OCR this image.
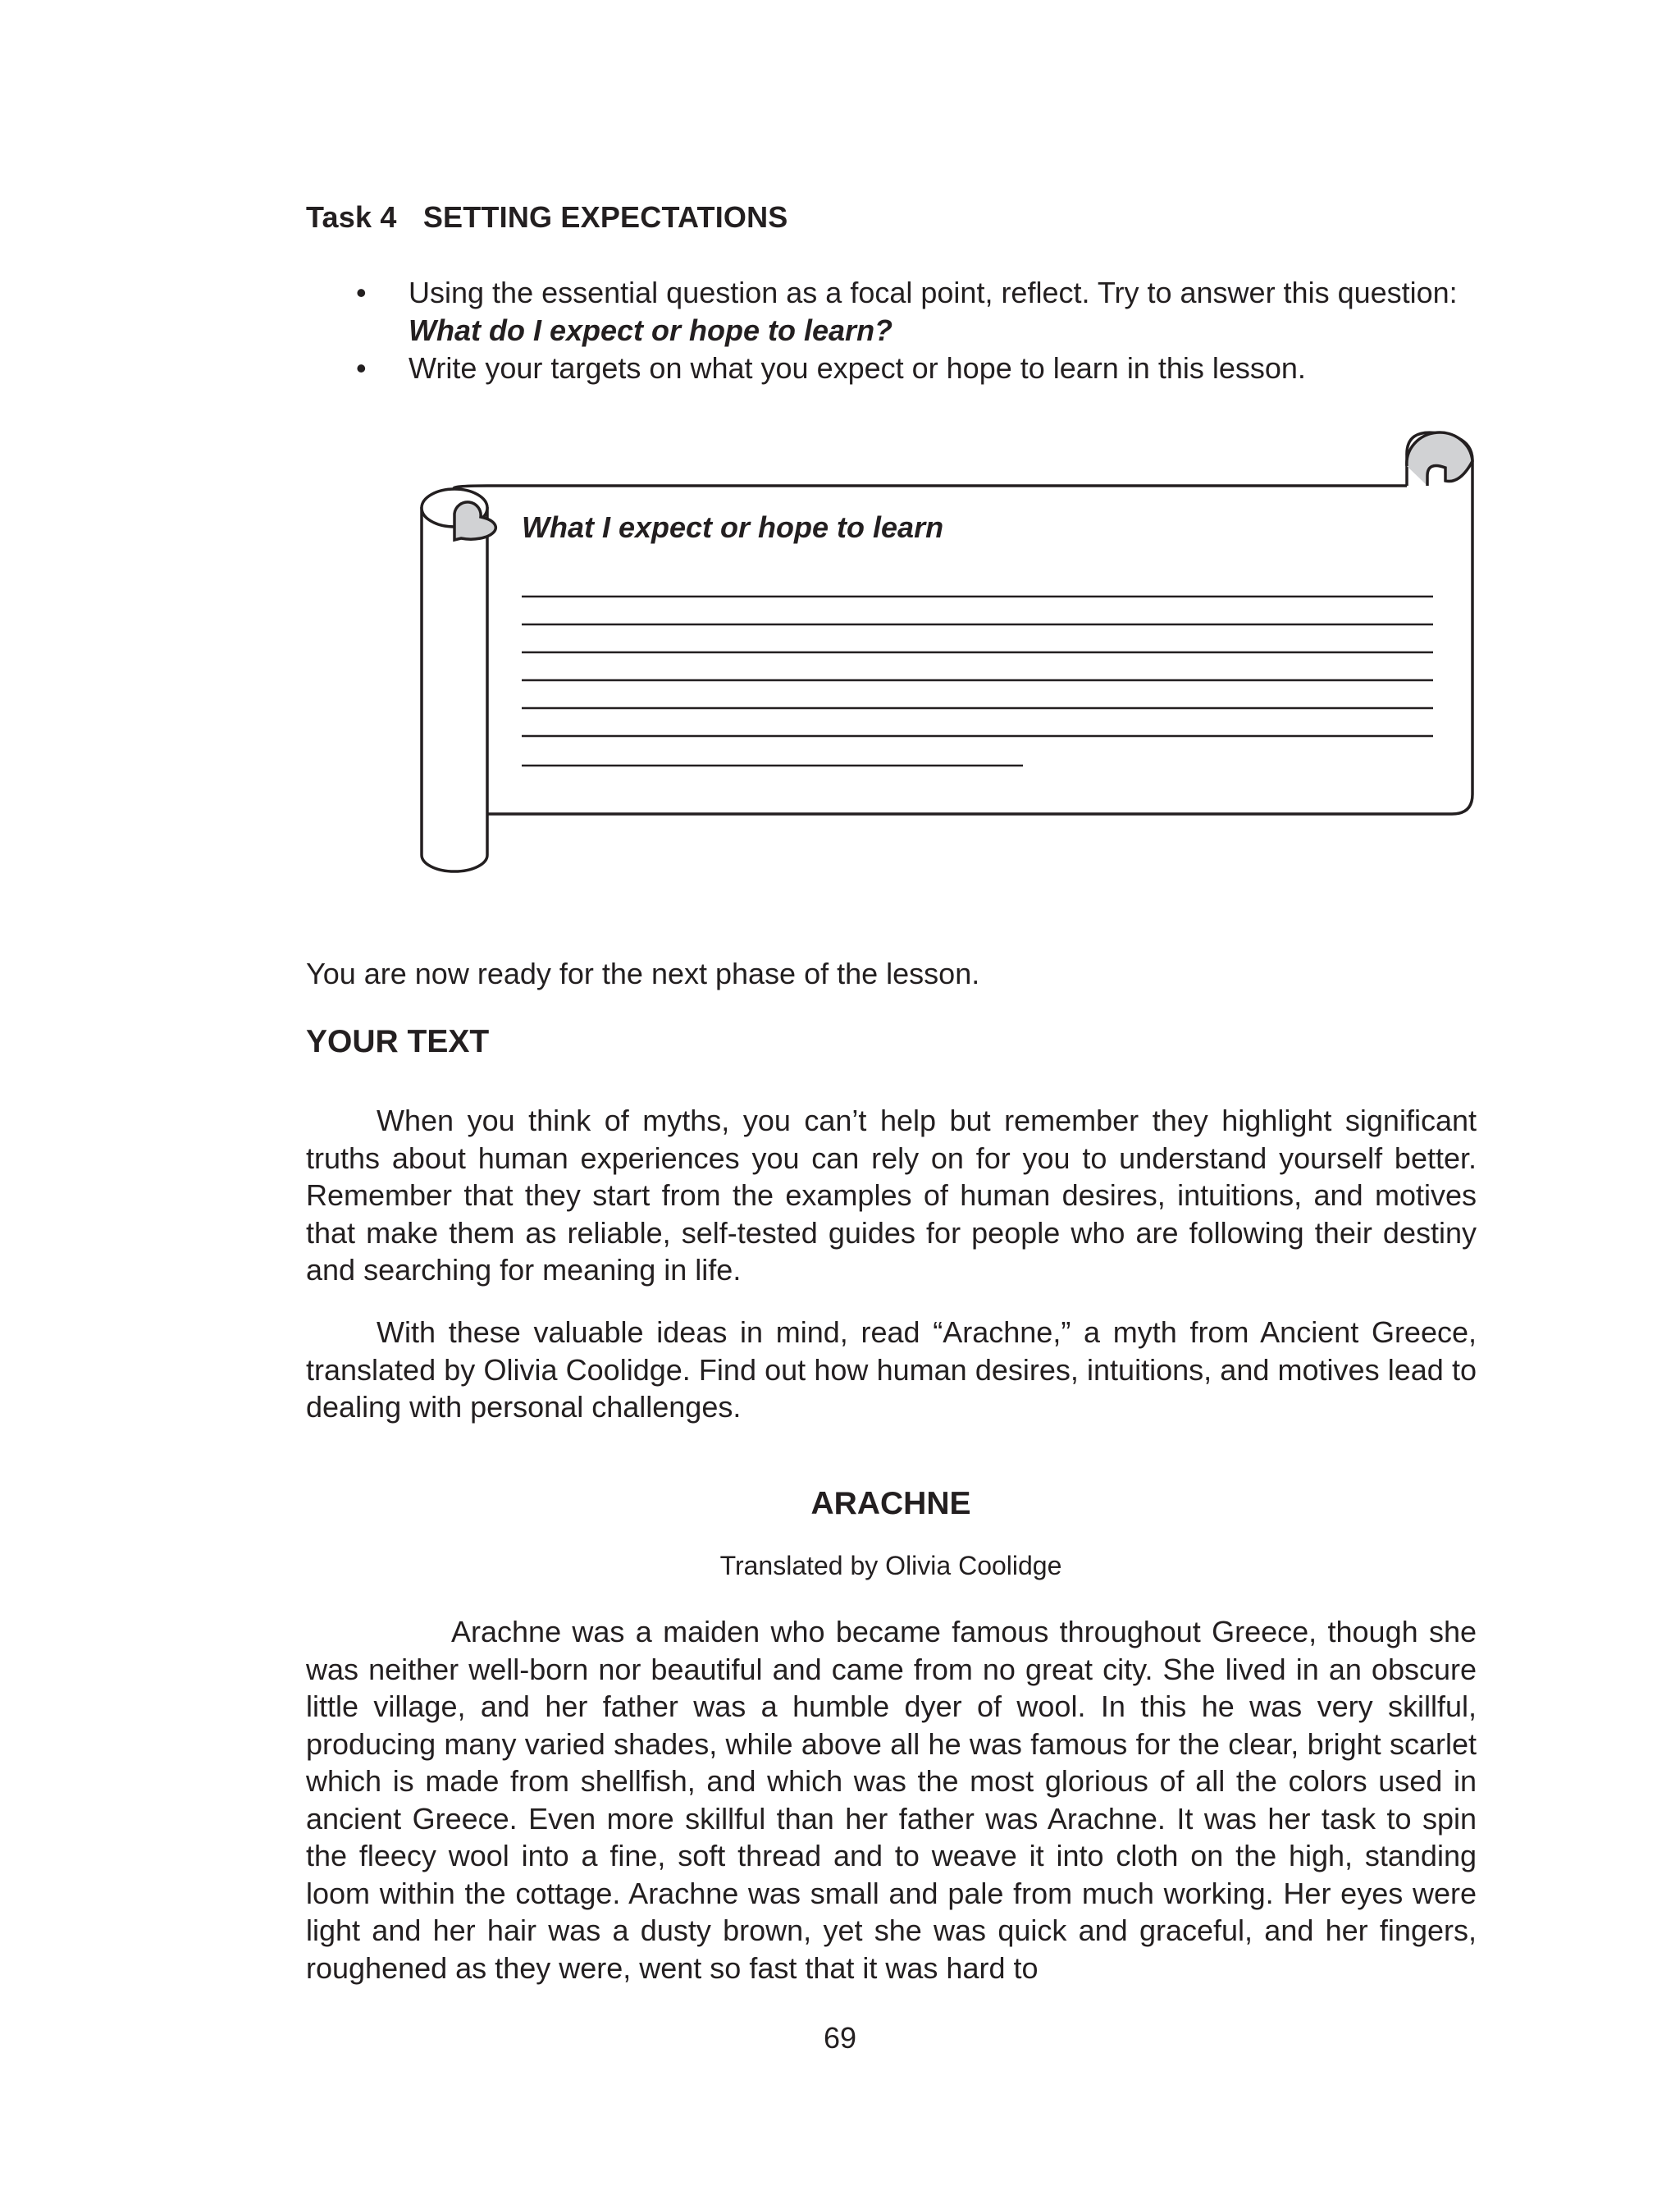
Task 4 SETTING EXPECTATIONS
• Using the essential question as a focal point, reflect. Try to answer this question:
What do I expect or hope to learn?
• Write your targets on what you expect or hope to learn in this lesson.
What I expect or hope to learn
You are now ready for the next phase of the lesson.
YOUR TEXT

When you think of myths, you can’t help but remember they highlight significant truths about human experiences you can rely on for you to understand yourself better. Remember that they start from the examples of human desires, intuitions, and motives that make them as reliable, self-tested guides for people who are following their destiny and searching for meaning in life.

With these valuable ideas in mind, read “Arachne,” a myth from Ancient Greece, translated by Olivia Coolidge. Find out how human desires, intuitions, and motives lead to dealing with personal challenges.

ARACHNE
Translated by Olivia Coolidge

Arachne was a maiden who became famous throughout Greece, though she was neither well-born nor beautiful and came from no great city. She lived in an obscure little village, and her father was a humble dyer of wool. In this he was very skillful, producing many varied shades, while above all he was famous for the clear, bright scarlet which is made from shellfish, and which was the most glorious of all the colors used in ancient Greece. Even more skillful than her father was Arachne. It was her task to spin the fleecy wool into a fine, soft thread and to weave it into cloth on the high, standing loom within the cottage. Arachne was small and pale from much working. Her eyes were light and her hair was a dusty brown, yet she was quick and graceful, and her fingers, roughened as they were, went so fast that it was hard to

69
